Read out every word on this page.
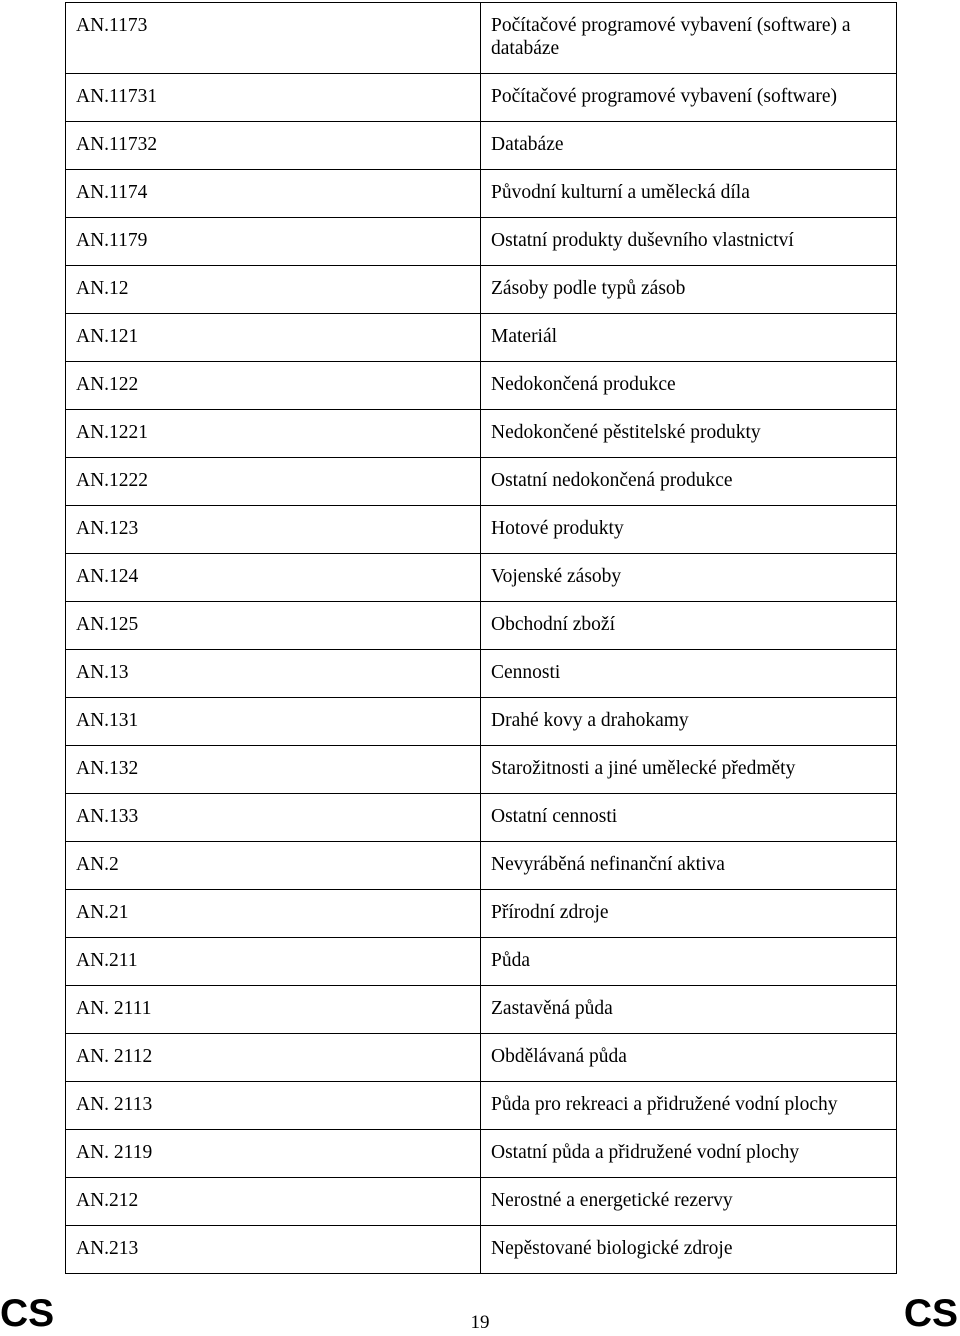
AN.1173	Počítačové programové vybavení (software) a databáze
AN.11731	Počítačové programové vybavení (software)
AN.11732	Databáze
AN.1174	Původní kulturní a umělecká díla
AN.1179	Ostatní produkty duševního vlastnictví
AN.12	Zásoby podle typů zásob
AN.121	Materiál
AN.122	Nedokončená produkce
AN.1221	Nedokončené pěstitelské produkty
AN.1222	Ostatní nedokončená produkce
AN.123	Hotové produkty
AN.124	Vojenské zásoby
AN.125	Obchodní zboží
AN.13	Cennosti
AN.131	Drahé kovy a drahokamy
AN.132	Starožitnosti a jiné umělecké předměty
AN.133	Ostatní cennosti
AN.2	Nevyráběná nefinanční aktiva
AN.21	Přírodní zdroje
AN.211	Půda
AN. 2111	Zastavěná půda
AN. 2112	Obdělávaná půda
AN. 2113	Půda pro rekreaci a přidružené vodní plochy
AN. 2119	Ostatní půda a přidružené vodní plochy
AN.212	Nerostné a energetické rezervy
AN.213	Nepěstované biologické zdroje
CS	19	CS
